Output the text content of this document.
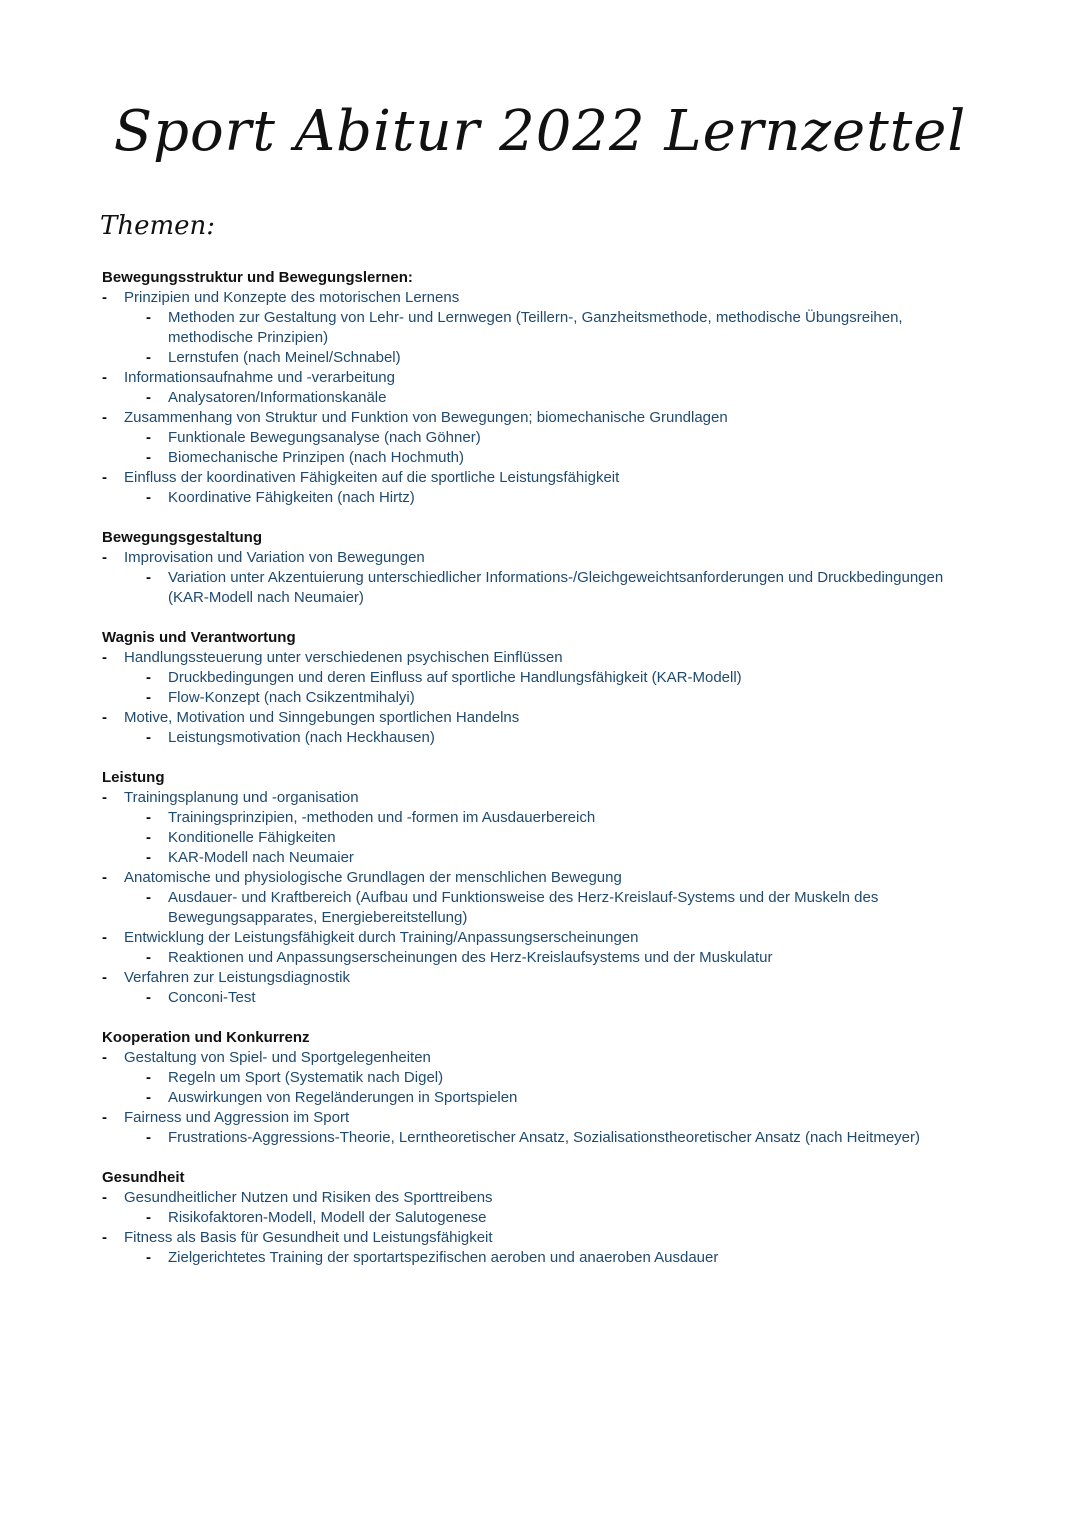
Sport Abitur 2022 Lernzettel
Themen:
Bewegungsstruktur und Bewegungslernen:
- Prinzipien und Konzepte des motorischen Lernens
- Methoden zur Gestaltung von Lehr- und Lernwegen (Teillern-, Ganzheitsmethode, methodische Übungsreihen, methodische Prinzipien)
- Lernstufen (nach Meinel/Schnabel)
- Informationsaufnahme und -verarbeitung
- Analysatoren/Informationskanäle
- Zusammenhang von Struktur und Funktion von Bewegungen; biomechanische Grundlagen
- Funktionale Bewegungsanalyse (nach Göhner)
- Biomechanische Prinzipen (nach Hochmuth)
- Einfluss der koordinativen Fähigkeiten auf die sportliche Leistungsfähigkeit
- Koordinative Fähigkeiten (nach Hirtz)
Bewegungsgestaltung
- Improvisation und Variation von Bewegungen
- Variation unter Akzentuierung unterschiedlicher Informations-/Gleichgeweichtsanforderungen und Druckbedingungen (KAR-Modell nach Neumaier)
Wagnis und Verantwortung
- Handlungssteuerung unter verschiedenen psychischen Einflüssen
- Druckbedingungen und deren Einfluss auf sportliche Handlungsfähigkeit (KAR-Modell)
- Flow-Konzept (nach Csikzentmihalyi)
- Motive, Motivation und Sinngebungen sportlichen Handelns
- Leistungsmotivation (nach Heckhausen)
Leistung
- Trainingsplanung und -organisation
- Trainingsprinzipien, -methoden und -formen im Ausdauerbereich
- Konditionelle Fähigkeiten
- KAR-Modell nach Neumaier
- Anatomische und physiologische Grundlagen der menschlichen Bewegung
- Ausdauer- und Kraftbereich (Aufbau und Funktionsweise des Herz-Kreislauf-Systems und der Muskeln des Bewegungsapparates, Energiebereitstellung)
- Entwicklung der Leistungsfähigkeit durch Training/Anpassungserscheinungen
- Reaktionen und Anpassungserscheinungen des Herz-Kreislaufsystems und der Muskulatur
- Verfahren zur Leistungsdiagnostik
- Conconi-Test
Kooperation und Konkurrenz
- Gestaltung von Spiel- und Sportgelegenheiten
- Regeln um Sport (Systematik nach Digel)
- Auswirkungen von Regeländerungen in Sportspielen
- Fairness und Aggression im Sport
- Frustrations-Aggressions-Theorie, Lerntheoretischer Ansatz, Sozialisationstheoretischer Ansatz (nach Heitmeyer)
Gesundheit
- Gesundheitlicher Nutzen und Risiken des Sporttreibens
- Risikofaktoren-Modell, Modell der Salutogenese
- Fitness als Basis für Gesundheit und Leistungsfähigkeit
- Zielgerichtetes Training der sportartspezifischen aeroben und anaeroben Ausdauer
